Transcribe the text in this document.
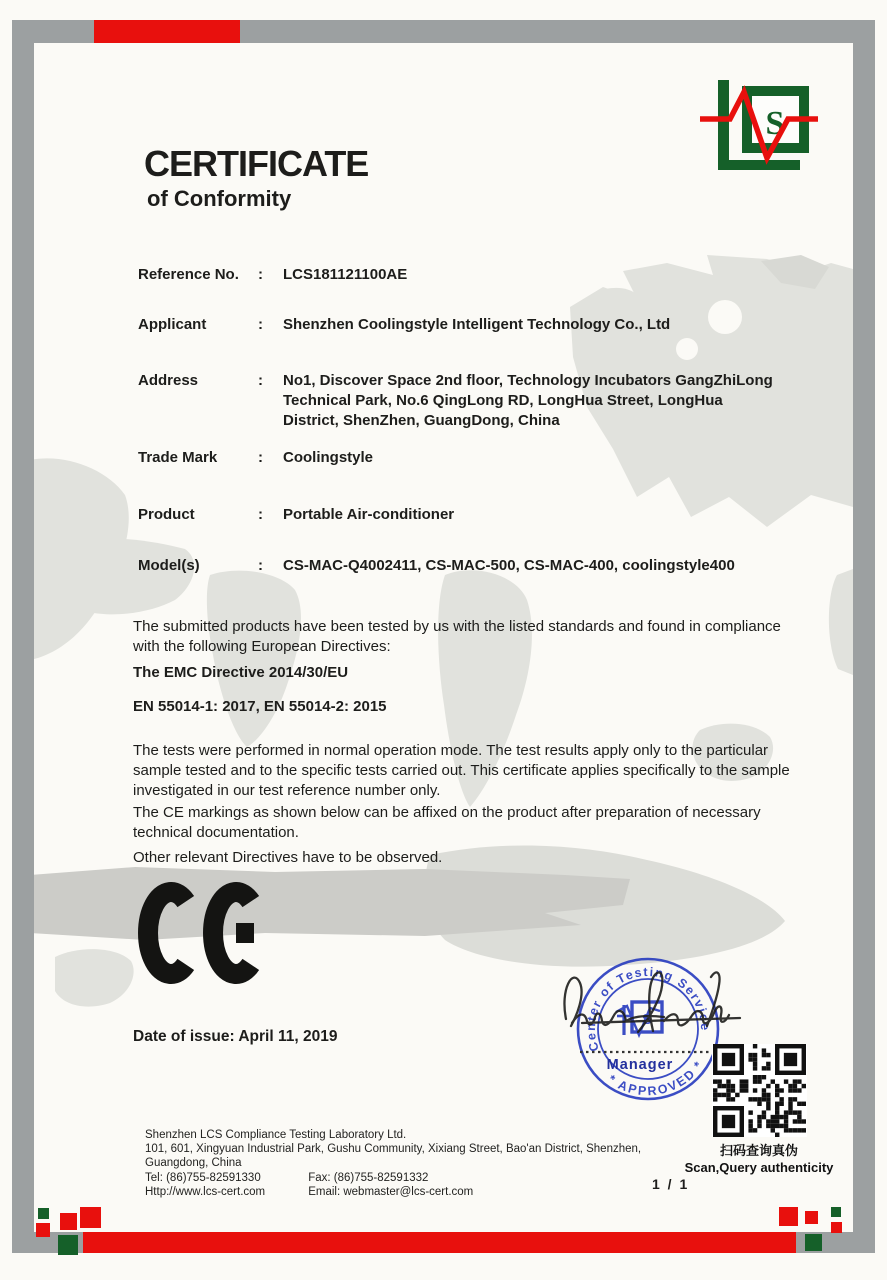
S
CERTIFICATE
of Conformity
Reference No.	:	LCS181121100AE
Applicant	:	Shenzhen Coolingstyle Intelligent Technology Co., Ltd
Address	:	No1, Discover Space 2nd floor, Technology Incubators GangZhiLong Technical Park, No.6 QingLong RD, LongHua Street, LongHua District, ShenZhen, GuangDong, China
Trade Mark	:	Coolingstyle
Product	:	Portable Air-conditioner
Model(s)	:	CS-MAC-Q4002411, CS-MAC-500, CS-MAC-400, coolingstyle400
The submitted products have been tested by us with the listed standards and found in compliance with the following European Directives:
The EMC Directive 2014/30/EU
EN 55014-1: 2017, EN 55014-2: 2015
The tests were performed in normal operation mode. The test results apply only to the particular sample tested and to the specific tests carried out. This certificate applies specifically to the sample investigated in our test reference number only.
The CE markings as shown below can be affixed on the product after preparation of necessary technical documentation.
Other relevant Directives have to be observed.
Date of issue: April 11, 2019
Center of Testing Service
* APPROVED *
S
Manager
扫码查询真伪
Scan,Query authenticity
Shenzhen LCS Compliance Testing Laboratory Ltd.
101, 601, Xingyuan Industrial Park, Gushu Community, Xixiang Street, Bao'an District, Shenzhen,
Guangdong, China
Tel: (86)755-82591330	Fax: (86)755-82591332
Http://www.lcs-cert.com	Email: webmaster@lcs-cert.com	1 / 1
